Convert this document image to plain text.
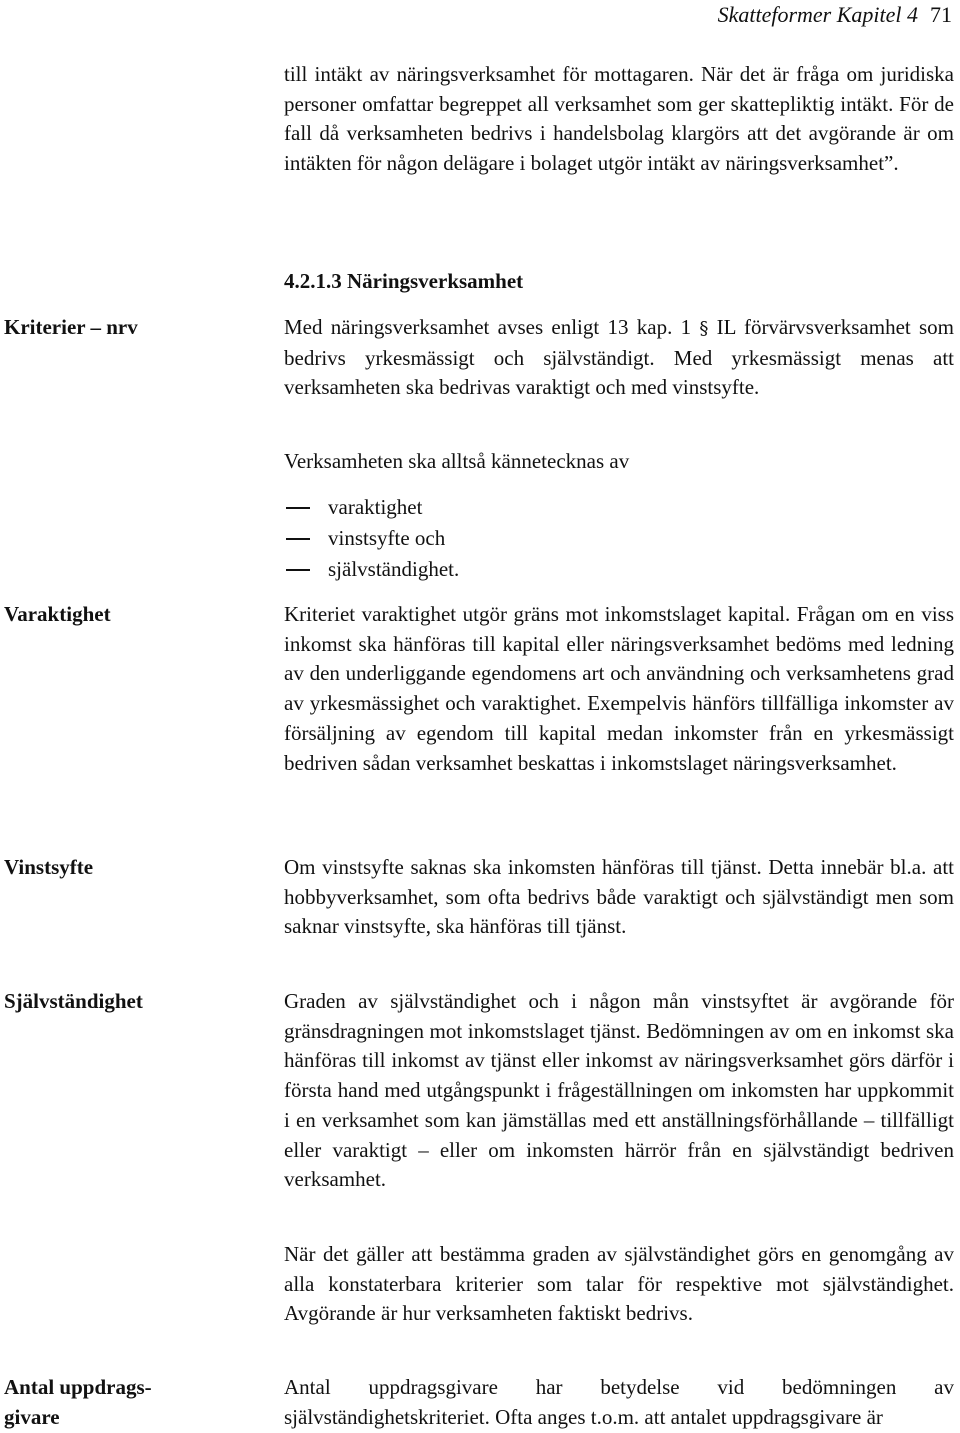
Skatteformer Kapitel 4 71

till intäkt av näringsverksamhet för mottagaren. När det är fråga om juridiska personer omfattar begreppet all verksamhet som ger skattepliktig intäkt. För de fall då verksamheten bedrivs i handelsbolag klargörs att det avgörande är om intäkten för någon delägare i bolaget utgör intäkt av näringsverksamhet”.

4.2.1.3 Näringsverksamhet
Kriterier – nrv	Med näringsverksamhet avses enligt 13 kap. 1 § IL förvärvsverksamhet som bedrivs yrkesmässigt och självständigt. Med yrkesmässigt menas att verksamheten ska bedrivas varaktigt och med vinstsyfte.

Verksamheten ska alltså kännetecknas av

varaktighet
vinstsyfte och
självständighet.
Varaktighet	Kriteriet varaktighet utgör gräns mot inkomstslaget kapital. Frågan om en viss inkomst ska hänföras till kapital eller näringsverksamhet bedöms med ledning av den underliggande egendomens art och användning och verksamhetens grad av yrkesmässighet och varaktighet. Exempelvis hänförs tillfälliga inkomster av försäljning av egendom till kapital medan inkomster från en yrkesmässigt bedriven sådan verksamhet beskattas i inkomstslaget näringsverksamhet.

Vinstsyfte	Om vinstsyfte saknas ska inkomsten hänföras till tjänst. Detta innebär bl.a. att hobbyverksamhet, som ofta bedrivs både varaktigt och självständigt men som saknar vinstsyfte, ska hänföras till tjänst.

Självständighet	Graden av självständighet och i någon mån vinstsyftet är avgörande för gränsdragningen mot inkomstslaget tjänst. Bedömningen av om en inkomst ska hänföras till inkomst av tjänst eller inkomst av näringsverksamhet görs därför i första hand med utgångspunkt i frågeställningen om inkomsten har uppkommit i en verksamhet som kan jämställas med ett anställningsförhållande – tillfälligt eller varaktigt – eller om inkomsten härrör från en självständigt bedriven verksamhet.

När det gäller att bestämma graden av självständighet görs en genomgång av alla konstaterbara kriterier som talar för respektive mot självständighet. Avgörande är hur verksamheten faktiskt bedrivs.

Antal uppdrags-givare

Antal uppdragsgivare har betydelse vid bedömningen av självständighetskriteriet. Ofta anges t.o.m. att antalet uppdragsgivare är
